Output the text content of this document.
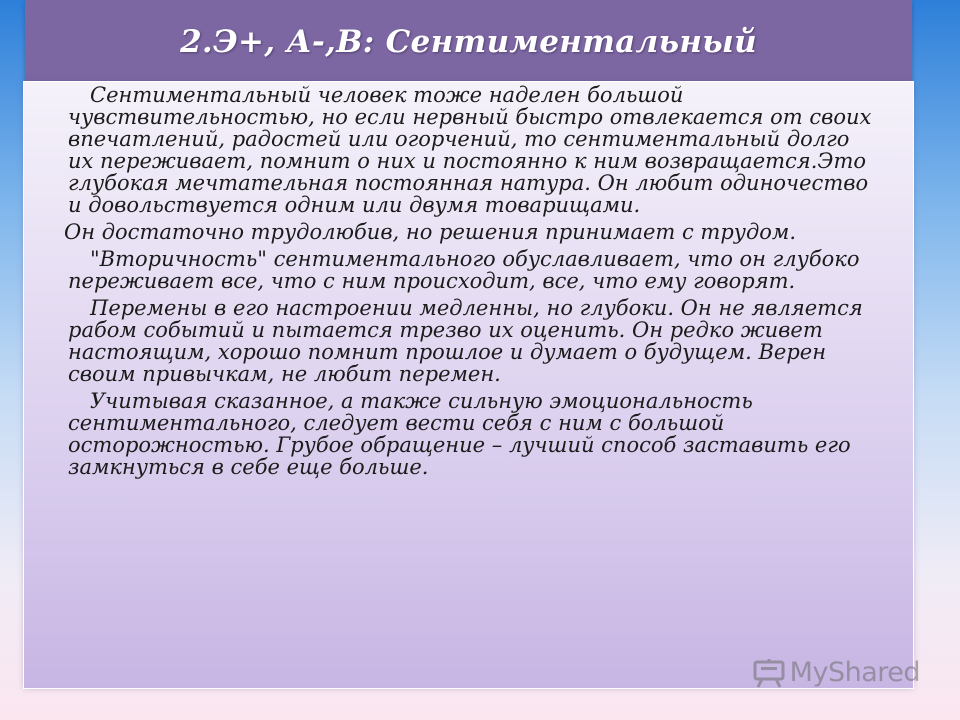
2.Э+, А-,В: Сентиментальный

Сентиментальный человек тоже наделен большой чувствительностью, но если нервный быстро отвлекается от своих впечатлений, радостей или огорчений, то сентиментальный долго их переживает, помнит о них и постоянно к ним возвращается.Это глубокая мечтательная постоянная натура. Он любит одиночество и довольствуется одним или двумя товарищами.

Он достаточно трудолюбив, но решения принимает с трудом.

"Вторичность" сентиментального обуславливает, что он глубоко переживает все, что с ним происходит, все, что ему говорят.

Перемены в его настроении медленны, но глубоки. Он не является рабом событий и пытается трезво их оценить. Он редко живет настоящим, хорошо помнит прошлое и думает о будущем. Верен своим привычкам, не любит перемен.

Учитывая сказанное, а также сильную эмоциональность сентиментального, следует вести себя с ним с большой осторожностью. Грубое обращение – лучший способ заставить его замкнуться в себе еще больше.

MyShared
